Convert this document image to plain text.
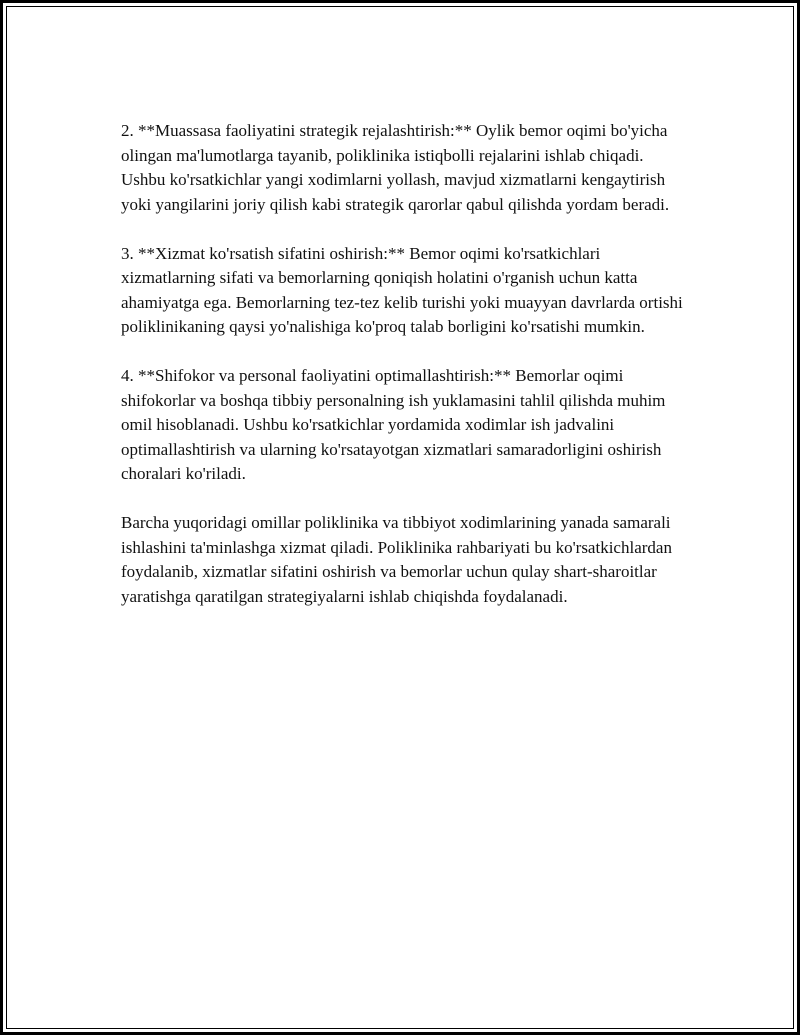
2. **Muassasa faoliyatini strategik rejalashtirish:** Oylik bemor oqimi bo'yicha olingan ma'lumotlarga tayanib, poliklinika istiqbolli rejalarini ishlab chiqadi. Ushbu ko'rsatkichlar yangi xodimlarni yollash, mavjud xizmatlarni kengaytirish yoki yangilarini joriy qilish kabi strategik qarorlar qabul qilishda yordam beradi.

3. **Xizmat ko'rsatish sifatini oshirish:** Bemor oqimi ko'rsatkichlari xizmatlarning sifati va bemorlarning qoniqish holatini o'rganish uchun katta ahamiyatga ega. Bemorlarning tez-tez kelib turishi yoki muayyan davrlarda ortishi poliklinikaning qaysi yo'nalishiga ko'proq talab borligini ko'rsatishi mumkin.

4. **Shifokor va personal faoliyatini optimallashtirish:** Bemorlar oqimi shifokorlar va boshqa tibbiy personalning ish yuklamasini tahlil qilishda muhim omil hisoblanadi. Ushbu ko'rsatkichlar yordamida xodimlar ish jadvalini optimallashtirish va ularning ko'rsatayotgan xizmatlari samaradorligini oshirish choralari ko'riladi.

Barcha yuqoridagi omillar poliklinika va tibbiyot xodimlarining yanada samarali ishlashini ta'minlashga xizmat qiladi. Poliklinika rahbariyati bu ko'rsatkichlardan foydalanib, xizmatlar sifatini oshirish va bemorlar uchun qulay shart-sharoitlar yaratishga qaratilgan strategiyalarni ishlab chiqishda foydalanadi.
